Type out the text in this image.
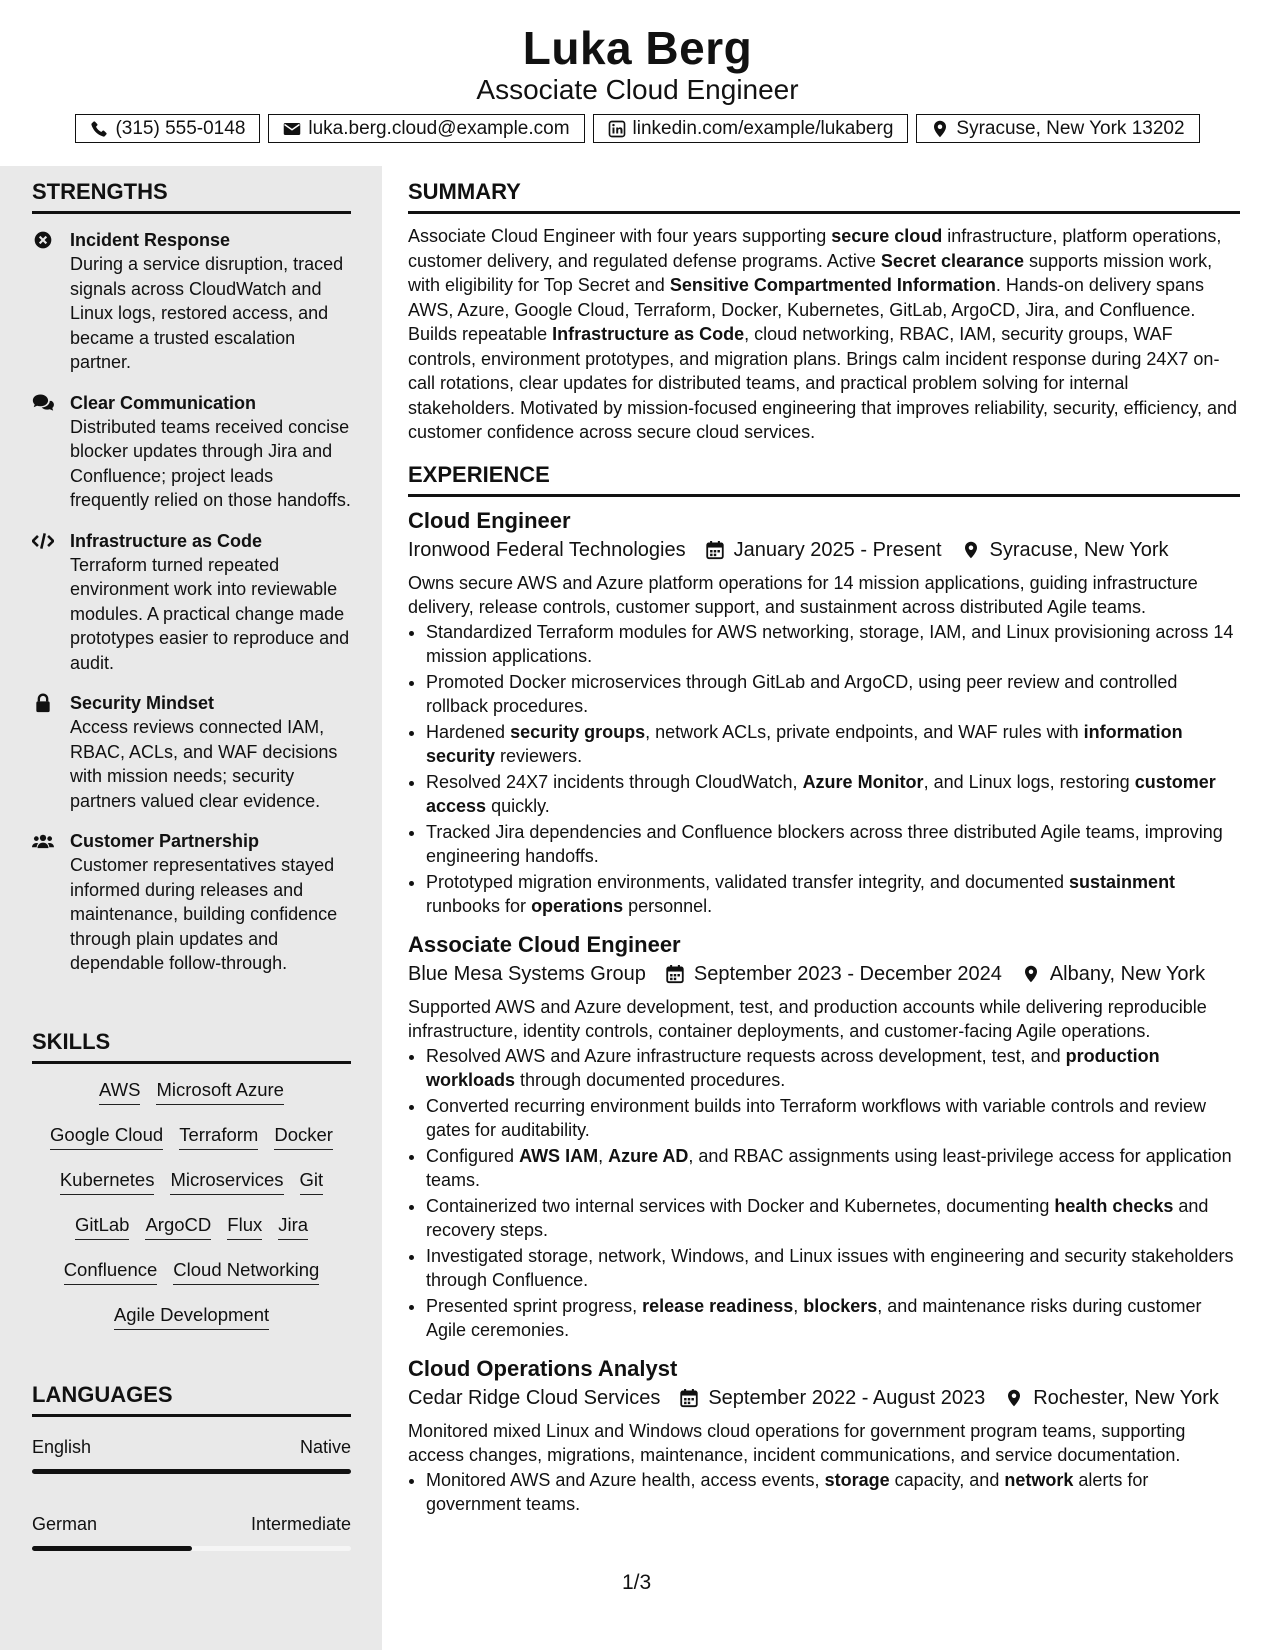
Luka Berg
Associate Cloud Engineer
(315) 555-0148	luka.berg.cloud@example.com	linkedin.com/example/lukaberg	Syracuse, New York 13202
STRENGTHS
Incident Response
During a service disruption, traced signals across CloudWatch and Linux logs, restored access, and became a trusted escalation partner.
Clear Communication
Distributed teams received concise blocker updates through Jira and Confluence; project leads frequently relied on those handoffs.
Infrastructure as Code
Terraform turned repeated environment work into reviewable modules. A practical change made prototypes easier to reproduce and audit.
Security Mindset
Access reviews connected IAM, RBAC, ACLs, and WAF decisions with mission needs; security partners valued clear evidence.
Customer Partnership
Customer representatives stayed informed during releases and maintenance, building confidence through plain updates and dependable follow-through.
SKILLS
AWS Microsoft Azure
Google Cloud Terraform Docker
Kubernetes Microservices Git
GitLab ArgoCD Flux Jira
Confluence Cloud Networking
Agile Development
LANGUAGES
English	Native
German	Intermediate
SUMMARY
Associate Cloud Engineer with four years supporting secure cloud infrastructure, platform operations, customer delivery, and regulated defense programs. Active Secret clearance supports mission work, with eligibility for Top Secret and Sensitive Compartmented Information. Hands-on delivery spans AWS, Azure, Google Cloud, Terraform, Docker, Kubernetes, GitLab, ArgoCD, Jira, and Confluence. Builds repeatable Infrastructure as Code, cloud networking, RBAC, IAM, security groups, WAF controls, environment prototypes, and migration plans. Brings calm incident response during 24X7 on-call rotations, clear updates for distributed teams, and practical problem solving for internal stakeholders. Motivated by mission-focused engineering that improves reliability, security, efficiency, and customer confidence across secure cloud services.
EXPERIENCE
Cloud Engineer
Ironwood Federal Technologies January 2025 - Present Syracuse, New York
Owns secure AWS and Azure platform operations for 14 mission applications, guiding infrastructure delivery, release controls, customer support, and sustainment across distributed Agile teams.
• Standardized Terraform modules for AWS networking, storage, IAM, and Linux provisioning across 14 mission applications.
• Promoted Docker microservices through GitLab and ArgoCD, using peer review and controlled rollback procedures.
• Hardened security groups, network ACLs, private endpoints, and WAF rules with information security reviewers.
• Resolved 24X7 incidents through CloudWatch, Azure Monitor, and Linux logs, restoring customer access quickly.
• Tracked Jira dependencies and Confluence blockers across three distributed Agile teams, improving engineering handoffs.
• Prototyped migration environments, validated transfer integrity, and documented sustainment runbooks for operations personnel.
Associate Cloud Engineer
Blue Mesa Systems Group September 2023 - December 2024 Albany, New York
Supported AWS and Azure development, test, and production accounts while delivering reproducible infrastructure, identity controls, container deployments, and customer-facing Agile operations.
• Resolved AWS and Azure infrastructure requests across development, test, and production workloads through documented procedures.
• Converted recurring environment builds into Terraform workflows with variable controls and review gates for auditability.
• Configured AWS IAM, Azure AD, and RBAC assignments using least-privilege access for application teams.
• Containerized two internal services with Docker and Kubernetes, documenting health checks and recovery steps.
• Investigated storage, network, Windows, and Linux issues with engineering and security stakeholders through Confluence.
• Presented sprint progress, release readiness, blockers, and maintenance risks during customer Agile ceremonies.
Cloud Operations Analyst
Cedar Ridge Cloud Services September 2022 - August 2023 Rochester, New York
Monitored mixed Linux and Windows cloud operations for government program teams, supporting access changes, migrations, maintenance, incident communications, and service documentation.
• Monitored AWS and Azure health, access events, storage capacity, and network alerts for government teams.
1/3
